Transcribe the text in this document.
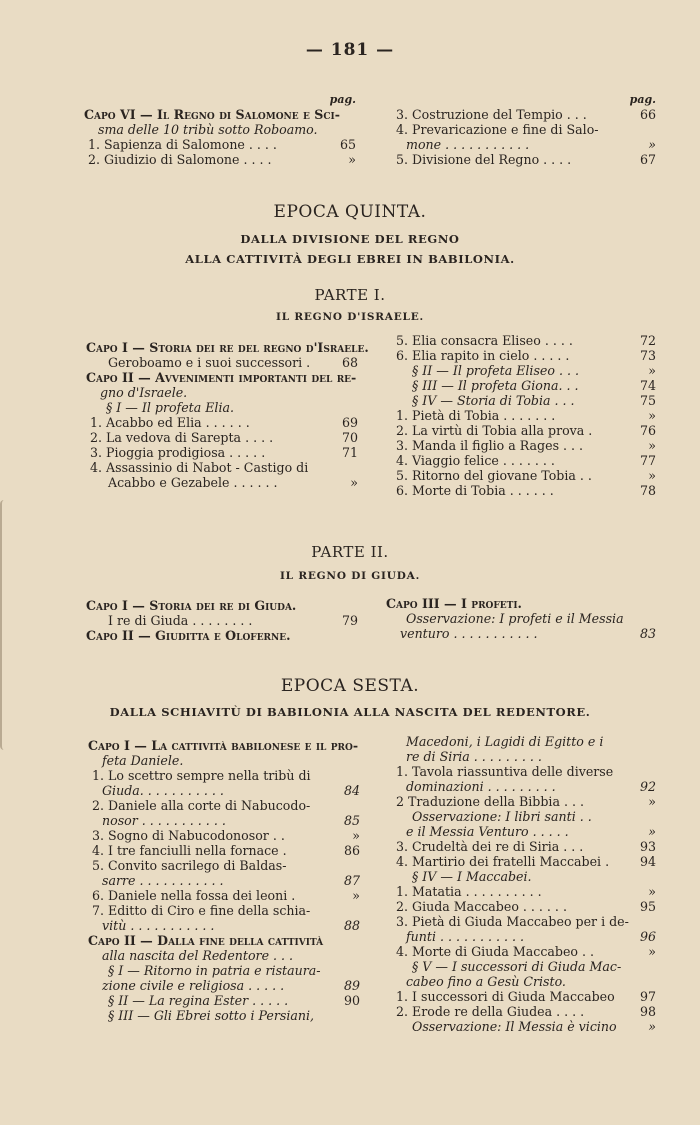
— 181 —
pag.
Capo VI — Il Regno di Salomone e Sci-
sma delle 10 tribù sotto Roboamo.
1. Sapienza di Salomone . . . .	65
2. Giudizio di Salomone . . . .	»
pag.
3. Costruzione del Tempio . . .	66
4. Prevaricazione e fine di Salo-
mone . . . . . . . . . . .	»
5. Divisione del Regno . . . .	67
EPOCA QUINTA.
DALLA DIVISIONE DEL REGNO
ALLA CATTIVITÀ DEGLI EBREI IN BABILONIA.
PARTE I.
IL REGNO D'ISRAELE.
Capo I — Storia dei re del regno d'Israele.
Geroboamo e i suoi successori .	68
Capo II — Avvenimenti importanti del re-
gno d'Israele.
§ I — Il profeta Elia.
1. Acabbo ed Elia . . . . . .	69
2. La vedova di Sarepta . . . .	70
3. Pioggia prodigiosa . . . . .	71
4. Assassinio di Nabot - Castigo di
Acabbo e Gezabele . . . . . .	»
5. Elia consacra Eliseo . . . .	72
6. Elia rapito in cielo . . . . .	73
§ II — Il profeta Eliseo . . .	»
§ III — Il profeta Giona. . .	74
§ IV — Storia di Tobia . . .	75
1. Pietà di Tobia . . . . . . .	»
2. La virtù di Tobia alla prova .	76
3. Manda il figlio a Rages . . .	»
4. Viaggio felice . . . . . . .	77
5. Ritorno del giovane Tobia . .	»
6. Morte di Tobia . . . . . .	78
PARTE II.
IL REGNO DI GIUDA.
Capo I — Storia dei re di Giuda.
I re di Giuda . . . . . . . .	79
Capo II — Giuditta e Oloferne.
Capo III — I profeti.
Osservazione: I profeti e il Messia
venturo . . . . . . . . . . .	83
EPOCA SESTA.
DALLA SCHIAVITÙ DI BABILONIA ALLA NASCITA DEL REDENTORE.
Capo I — La cattività babilonese e il pro-
feta Daniele.
1. Lo scettro sempre nella tribù di
Giuda. . . . . . . . . . .	84
2. Daniele alla corte di Nabucodo-
nosor . . . . . . . . . . .	85
3. Sogno di Nabucodonosor . .	»
4. I tre fanciulli nella fornace .	86
5. Convito sacrilego di Baldas-
sarre . . . . . . . . . . .	87
6. Daniele nella fossa dei leoni .	»
7. Editto di Ciro e fine della schia-
vitù . . . . . . . . . . .	88
Capo II — Dalla fine della cattività
alla nascita del Redentore . . .
§ I — Ritorno in patria e ristaura-
zione civile e religiosa . . . . .	89
§ II — La regina Ester . . . . .	90
§ III — Gli Ebrei sotto i Persiani,
Macedoni, i Lagidi di Egitto e i
re di Siria . . . . . . . . .
1. Tavola riassuntiva delle diverse
dominazioni . . . . . . . . .	92
2 Traduzione della Bibbia . . .	»
Osservazione: I libri santi . .
e il Messia Venturo . . . . .	»
3. Crudeltà dei re di Siria . . .	93
4. Martirio dei fratelli Maccabei . 94
§ IV — I Maccabei.
1. Matatia . . . . . . . . . .	»
2. Giuda Maccabeo . . . . . .	95
3. Pietà di Giuda Maccabeo per i de-
funti . . . . . . . . . . .	96
4. Morte di Giuda Maccabeo . .	»
§ V — I successori di Giuda Mac-
cabeo fino a Gesù Cristo.
1. I successori di Giuda Maccabeo 97
2. Erode re della Giudea . . . .	98
Osservazione: Il Messia è vicino	»
